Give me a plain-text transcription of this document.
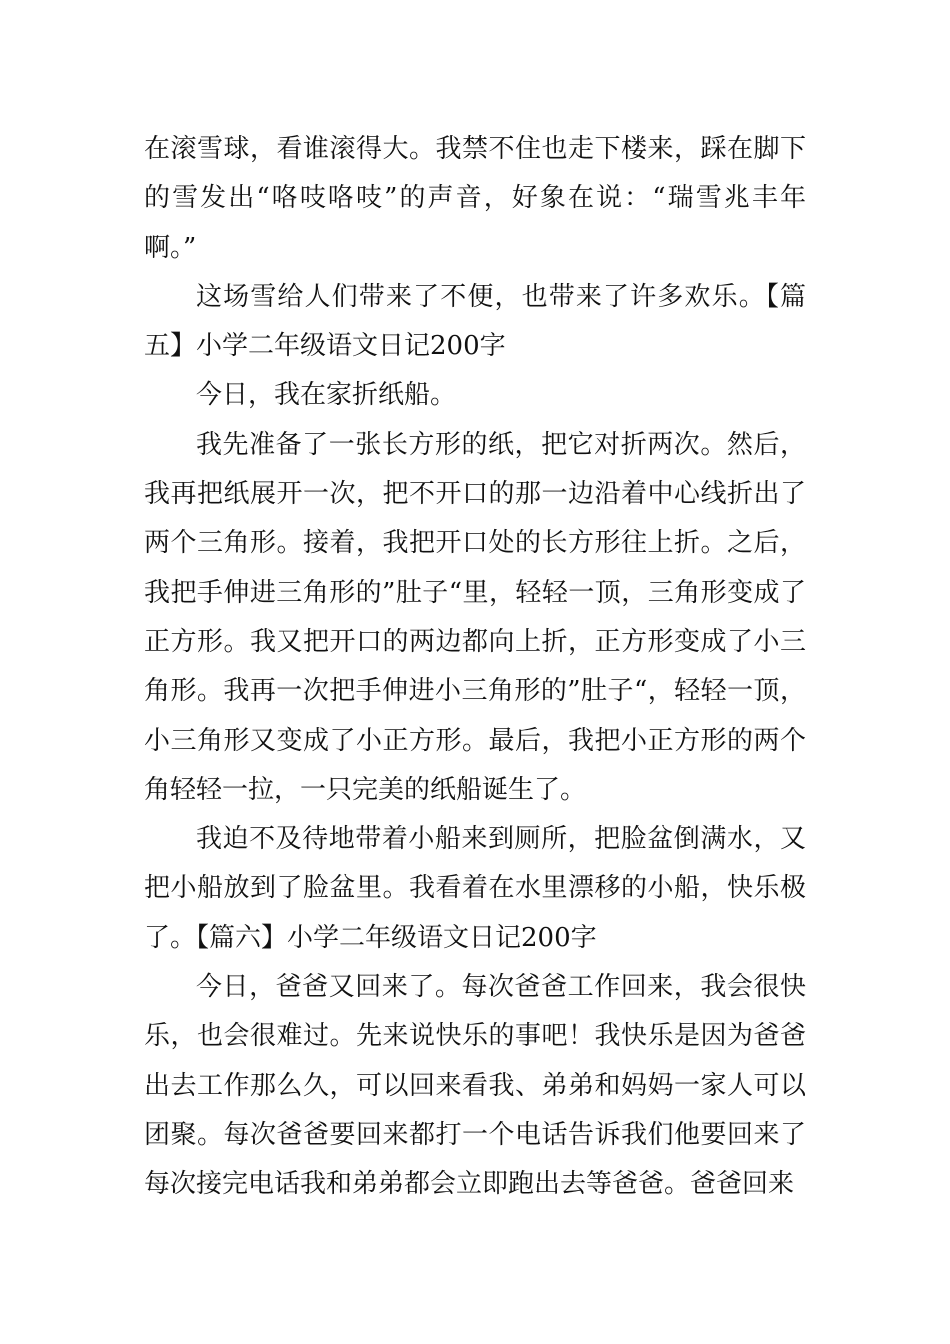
在滚雪球，看谁滚得大。我禁不住也走下楼来，踩在脚下的雪发出“咯吱咯吱”的声音，好象在说：“瑞雪兆丰年啊。”

这场雪给人们带来了不便，也带来了许多欢乐。【篇五】小学二年级语文日记200字

今日，我在家折纸船。

我先准备了一张长方形的纸，把它对折两次。然后，我再把纸展开一次，把不开口的那一边沿着中心线折出了两个三角形。接着，我把开口处的长方形往上折。之后，我把手伸进三角形的”肚子“里，轻轻一顶，三角形变成了正方形。我又把开口的两边都向上折，正方形变成了小三角形。我再一次把手伸进小三角形的”肚子“，轻轻一顶，小三角形又变成了小正方形。最后，我把小正方形的两个角轻轻一拉，一只完美的纸船诞生了。

我迫不及待地带着小船来到厕所，把脸盆倒满水，又把小船放到了脸盆里。我看着在水里漂移的小船，快乐极了。【篇六】小学二年级语文日记200字

今日，爸爸又回来了。每次爸爸工作回来，我会很快乐，也会很难过。先来说快乐的事吧！我快乐是因为爸爸出去工作那么久，可以回来看我、弟弟和妈妈一家人可以团聚。每次爸爸要回来都打一个电话告诉我们他要回来了每次接完电话我和弟弟都会立即跑出去等爸爸。爸爸回来
